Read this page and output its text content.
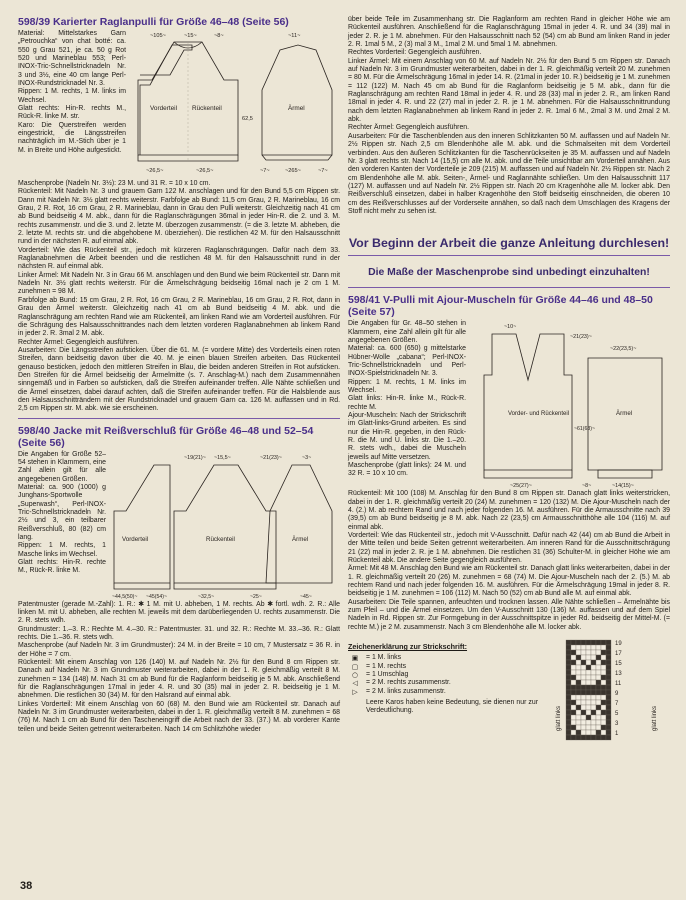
598/39 Karierter Raglanpulli für Größe 46–48 (Seite 56)

Material: Mittelstarkes Garn „Petrouchka“ von chat botté: ca. 550 g Grau 521, je ca. 50 g Rot 520 und Marineblau 553; Perl-INOX-Tric-Schnellstricknadeln Nr. 3 und 3½, eine 40 cm lange Perl-INOX-Rundstricknadel Nr. 3.

Rippen: 1 M. rechts, 1 M. links im Wechsel.

Glatt rechts: Hin-R. rechts M., Rück-R. linke M. str.

Karo: Die Querstreifen werden eingestrickt, die Längsstreifen nachträglich im M.-Stich über je 1 M. in Breite und Höhe aufgestickt.

Vorderteil Rückenteil	Ärmel
~105~	~15~	~8~	~11~
62,5
~26,5~	~26,5~	~7~	~265~	~7~

Maschenprobe (Nadeln Nr. 3½): 23 M. und 31 R. = 10 x 10 cm.

Rückenteil: Mit Nadeln Nr. 3 und grauem Garn 122 M. anschlagen und für den Bund 5,5 cm Rippen str. Dann mit Nadeln Nr. 3½ glatt rechts weiterstr. Farbfolge ab Bund: 11,5 cm Grau, 2 R. Marineblau, 16 cm Grau, 2 R. Rot, 16 cm Grau, 2 R. Marineblau, dann in Grau den Pulli weiterstr. Gleichzeitig nach 41 cm ab Bund beidseitig 4 M. abk., dann für die Raglanschrägungen 36mal in jeder Hin-R. die 2. und 3. M. rechts zusammenstr. und die 3. und 2. letzte M. überzogen zusammenstr. (= die 3. letzte M. abheben, die 2. letzte M. rechts str. und die abgehobene M. überziehen). Die restlichen 42 M. für den Halsausschnitt rund in der nächsten R. auf einmal abk.

Vorderteil: Wie das Rückenteil str., jedoch mit kürzeren Raglanschrägungen. Dafür nach dem 33. Raglanabnehmen die Arbeit beenden und die restlichen 48 M. für den Halsausschnitt rund in der nächsten R. auf einmal abk.

Linker Ärmel: Mit Nadeln Nr. 3 in Grau 66 M. anschlagen und den Bund wie beim Rückenteil str. Dann mit Nadeln Nr. 3½ glatt rechts weiterstr. Für die Ärmelschrägung beidseitig 16mal nach je 2 cm 1 M. zunehmen = 98 M.

Farbfolge ab Bund: 15 cm Grau, 2 R. Rot, 16 cm Grau, 2 R. Marineblau, 16 cm Grau, 2 R. Rot, dann in Grau den Ärmel weiterstr. Gleichzeitig nach 41 cm ab Bund beidseitig 4 M. abk. und die Raglanschrägung am rechten Rand wie am Rückenteil, am linken Rand wie am Vorderteil ausführen. Für die Schrägung des Halsausschnittrandes nach dem letzten vorderen Raglanabnehmen ab linkem Rand in jeder 2. R. 3mal 2 M. abk.

Rechter Ärmel: Gegengleich ausführen.

Ausarbeiten: Die Längsstreifen aufsticken. Über die 61. M. (= vordere Mitte) des Vorderteils einen roten Streifen, dann beidseitig davon über die 40. M. je einen blauen Streifen arbeiten. Das Rückenteil genauso besticken, jedoch den mittleren Streifen in Blau, die beiden anderen Streifen in Rot aufsticken. Den Streifen für die Ärmel beidseitig der Ärmelmitte (s. 7. Anschlag-M.) nach dem Zusammennähen sinngemäß und in Farben so aufsticken, daß die Streifen aufeinander treffen. Alle Nähte schließen und die Ärmel einsetzen, dabei darauf achten, daß die Streifen aufeinander treffen. Für die Halsblende aus den Halsausschnitträndern mit der Rundstricknadel und grauem Garn ca. 126 M. auffassen und in Rd. 2,5 cm Rippen str. M. abk. wie sie erscheinen.

598/40 Jacke mit Reißverschluß für Größe 46–48 und 52–54 (Seite 56)

Die Angaben für Größe 52–54 stehen in Klammern, eine Zahl allein gilt für alle angegebenen Größen.

Material: ca. 900 (1000) g Junghans-Sportwolle „Superwash“, Perl-INOX-Tric-Schnellstricknadeln Nr. 2½ und 3, ein teilbarer Reißverschluß, 80 (82) cm lang.

Rippen: 1 M. rechts, 1 Masche links im Wechsel.

Glatt rechts: Hin-R. rechte M., Rück-R. linke M.

Vorderteil	Rückenteil	Ärmel
~19(21)~ ~15,5~	~21(23)~	~3~
~44,5(50)~ ~45(54)~	~32,5~	~25~	~45~

Patentmuster (gerade M.-Zahl): 1. R.: ✱ 1 M. mit U. abheben, 1 M. rechts. Ab ✱ fortl. wdh. 2. R.: Alle linken M. mit U. abheben, alle rechten M. jeweils mit dem darüberliegenden U. rechts zusammenstr. Die 2. R. stets wdh.

Grundmuster: 1.–3. R.: Rechte M. 4.–30. R.: Patentmuster. 31. und 32. R.: Rechte M. 33.–36. R.: Glatt rechts. Die 1.–36. R. stets wdh.

Maschenprobe (auf Nadeln Nr. 3 im Grundmuster): 24 M. in der Breite = 10 cm, 7 Mustersatz = 36 R. in der Höhe = 7 cm.

Rückenteil: Mit einem Anschlag von 126 (140) M. auf Nadeln Nr. 2½ für den Bund 8 cm Rippen str. Danach auf Nadeln Nr. 3 im Grundmuster weiterarbeiten, dabei in der 1. R. gleichmäßig verteilt 8 M. zunehmen = 134 (148) M. Nach 31 cm ab Bund für die Raglanform beidseitig je 5 M. abk. Anschließend für die Raglanschrägungen 17mal in jeder 4. R. und 30 (35) mal in jeder 2. R. beidseitig je 1 M. abnehmen. Die restlichen 30 (34) M. für den Halsrand auf einmal abk.

Linkes Vorderteil: Mit einem Anschlag von 60 (68) M. den Bund wie am Rückenteil str. Danach auf Nadeln Nr. 3 im Grundmuster weiterarbeiten, dabei in der 1. R. gleichmäßig verteilt 8 M. zunehmen = 68 (76) M. Nach 1 cm ab Bund für den Tascheneingriff die Arbeit nach der 33. (37.) M. ab vorderer Kante teilen und beide Seiten getrennt weiterarbeiten. Nach 14 cm Schlitzhöhe wieder

über beide Teile im Zusammenhang str. Die Raglanform am rechten Rand in gleicher Höhe wie am Rückenteil ausführen. Anschließend für die Raglanschrägung 15mal in jeder 4. R. und 34 (39) mal in jeder 2. R. je 1 M. abnehmen. Für den Halsausschnitt nach 52 (54) cm ab Bund am linken Rand in jeder 2. R. 1mal 5 M., 2 (3) mal 3 M., 1mal 2 M. und 5mal 1 M. abnehmen.

Rechtes Vorderteil: Gegengleich ausführen.

Linker Ärmel: Mit einem Anschlag von 60 M. auf Nadeln Nr. 2½ für den Bund 5 cm Rippen str. Danach auf Nadeln Nr. 3 im Grundmuster weiterarbeiten, dabei in der 1. R. gleichmäßig verteilt 20 M. zunehmen = 80 M. Für die Ärmelschrägung 16mal in jeder 14. R. (21mal in jeder 10. R.) beidseitig je 1 M. zunehmen = 112 (122) M. Nach 45 cm ab Bund für die Raglanform beidseitig je 5 M. abk., dann für die Raglanschrägung am rechten Rand 18mal in jeder 4. R. und 28 (33) mal in jeder 2. R., am linken Rand 18mal in jeder 4. R. und 22 (27) mal in jeder 2. R. je 1 M. abnehmen. Für die Halsausschnittrundung nach dem letzten Raglanabnehmen ab linkem Rand in jeder 2. R. 1mal 6 M., 2mal 3 M. und 2mal 2 M. abk.

Rechter Ärmel: Gegengleich ausführen.

Ausarbeiten: Für die Taschenblenden aus den inneren Schlitzkanten 50 M. auffassen und auf Nadeln Nr. 2½ Rippen str. Nach 2,5 cm Blendenhöhe alle M. abk. und die Schmalseiten mit dem Vorderteil verbinden. Aus den äußeren Schlitzkanten für die Taschenrückseiten je 35 M. auffassen und auf Nadeln Nr. 3 glatt rechts str. Nach 14 (15,5) cm alle M. abk. und die Teile unsichtbar am Vorderteil annähen. Aus den vorderen Kanten der Vorderteile je 209 (215) M. auffassen und auf Nadeln Nr. 2½ Rippen str. Nach 2 cm Blendenhöhe alle M. abk. Seiten-, Ärmel- und Raglannähte schließen. Um den Halsausschnitt 117 (127) M. auffassen und auf Nadeln Nr. 2½ Rippen str. Nach 20 cm Kragenhöhe alle M. locker abk. Den Reißverschluß einsetzen, dabei in halber Kragenhöhe den Stoff beidseitig einschneiden, die oberen 10 cm des Reißverschlusses auf der Vorderseite annähen, so daß nach dem Umschlagen des Kragens der Stoff nicht mehr zu sehen ist.

Vor Beginn der Arbeit die ganze Anleitung durchlesen!

Die Maße der Maschenprobe sind unbedingt einzuhalten!

598/41 V-Pulli mit Ajour-Muscheln für Größe 44–46 und 48–50 (Seite 57)

Die Angaben für Gr. 48–50 stehen in Klammern, eine Zahl allein gilt für alle angegebenen Größen.

Material: ca. 600 (650) g mittelstarke Hübner-Wolle „cabana“; Perl-INOX-Tric-Schnellstricknadeln und Perl-INOX-Spielstricknadeln Nr. 3.

Rippen: 1 M. rechts, 1 M. links im Wechsel.

Glatt links: Hin-R. linke M., Rück-R. rechte M.

Ajour-Muscheln: Nach der Strickschrift im Glatt-links-Grund arbeiten. Es sind nur die Hin-R. gegeben, in den Rück-R. die M. und U. links str. Die 1.–20. R. stets wdh., dabei die Muscheln jeweils auf Mitte versetzen.

Maschenprobe (glatt links): 24 M. und 32 R. = 10 x 10 cm.

Vorder- und Rückenteil	Ärmel
~10~
~21(23)~
~22(23,5)~
~25(27)~	~8~	~14(15)~
~61(63)~

Rückenteil: Mit 100 (108) M. Anschlag für den Bund 8 cm Rippen str. Danach glatt links weiterstricken, dabei in der 1. R. gleichmäßig verteilt 20 (24) M. zunehmen = 120 (132) M. Die Ajour-Muscheln nach der 4. (2.) M. ab rechtem Rand und nach jeder folgenden 16. M. ausführen. Für die Armausschnitte nach 39 (39,5) cm ab Bund beidseitig je 8 M. abk. Nach 22 (23,5) cm Armausschnitthöhe alle 104 (116) M. auf einmal abk.

Vorderteil: Wie das Rückenteil str., jedoch mit V-Ausschnitt. Dafür nach 42 (44) cm ab Bund die Arbeit in der Mitte teilen und beide Seiten getrennt weiterarbeiten. Am inneren Rand für die Ausschnittschrägung 21 (22) mal in jeder 2. R. je 1 M. abnehmen. Die restlichen 31 (36) Schulter-M. in gleicher Höhe wie am Rückenteil abk. Die andere Seite gegengleich ausführen.

Ärmel: Mit 48 M. Anschlag den Bund wie am Rückenteil str. Danach glatt links weiterarbeiten, dabei in der 1. R. gleichmäßig verteilt 20 (26) M. zunehmen = 68 (74) M. Die Ajour-Muscheln nach der 2. (5.) M. ab rechtem Rand und nach jeder folgenden 16. M. ausführen. Für die Ärmelschrägung 19mal in jeder 8. R. beidseitig je 1 M. zunehmen = 106 (112) M. Nach 50 (52) cm ab Bund alle M. auf einmal abk.

Ausarbeiten: Die Teile spannen, anfeuchten und trocknen lassen. Alle Nähte schließen – Ärmelnähte bis zum Pfeil – und die Ärmel einsetzen. Um den V-Ausschnitt 130 (136) M. auffassen und auf dem Spiel Nadeln in Rd. Rippen str. Zur Formgebung in der Ausschnittspitze in jeder Rd. beidseitig der Mittel-M. (= rechte M.) je 2 M. zusammenstr. Nach 3 cm Blendenhöhe alle M. locker abk.

Zeichenerklärung zur Strickschrift:

▣	= 1 M. links
▢	= 1 M. rechts
○	= 1 Umschlag
◁	= 2 M. rechts zusammenstr.
▷	= 2 M. links zusammenstr.

Leere Karos haben keine Bedeutung, sie dienen nur zur Verdeutlichung.

19
17
15
13
11
9
7
5
3
1
glatt links	glatt links
38
